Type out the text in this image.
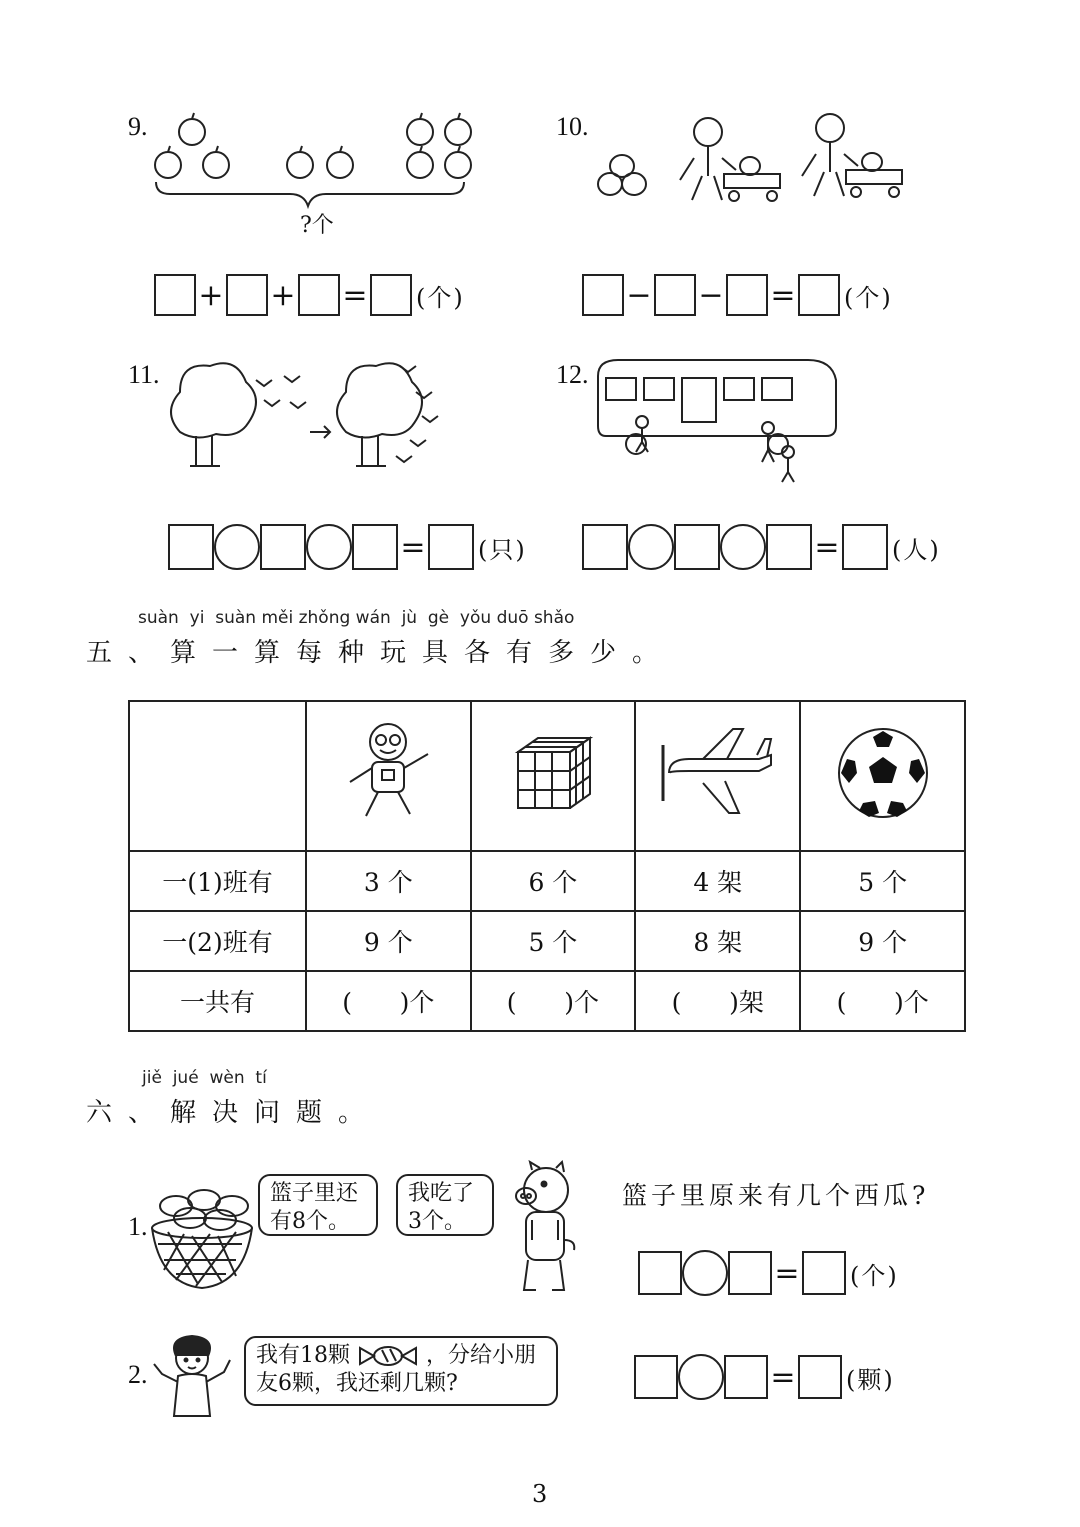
9.
?个
+ + = (个)
10.
− − = (个)
11.
= (只)
12.
= (人)
suàn  yi  suàn měi zhǒng wán  jù  gè  yǒu duō shǎo
五、算一算每种玩具各有多少。

一(1)班有	3 个	6 个	4 架	5 个
一(2)班有	9 个	5 个	8 架	9 个
一共有	(      )个	(      )个	(      )架	(      )个
jiě  jué  wèn  tí
六、解决问题。
1.
篮子里还有8个。
我吃了3个。
篮子里原来有几个西瓜?
= (个)
2.
我有18颗	，分给小朋
友6颗，我还剩几颗?	= (颗)
3
